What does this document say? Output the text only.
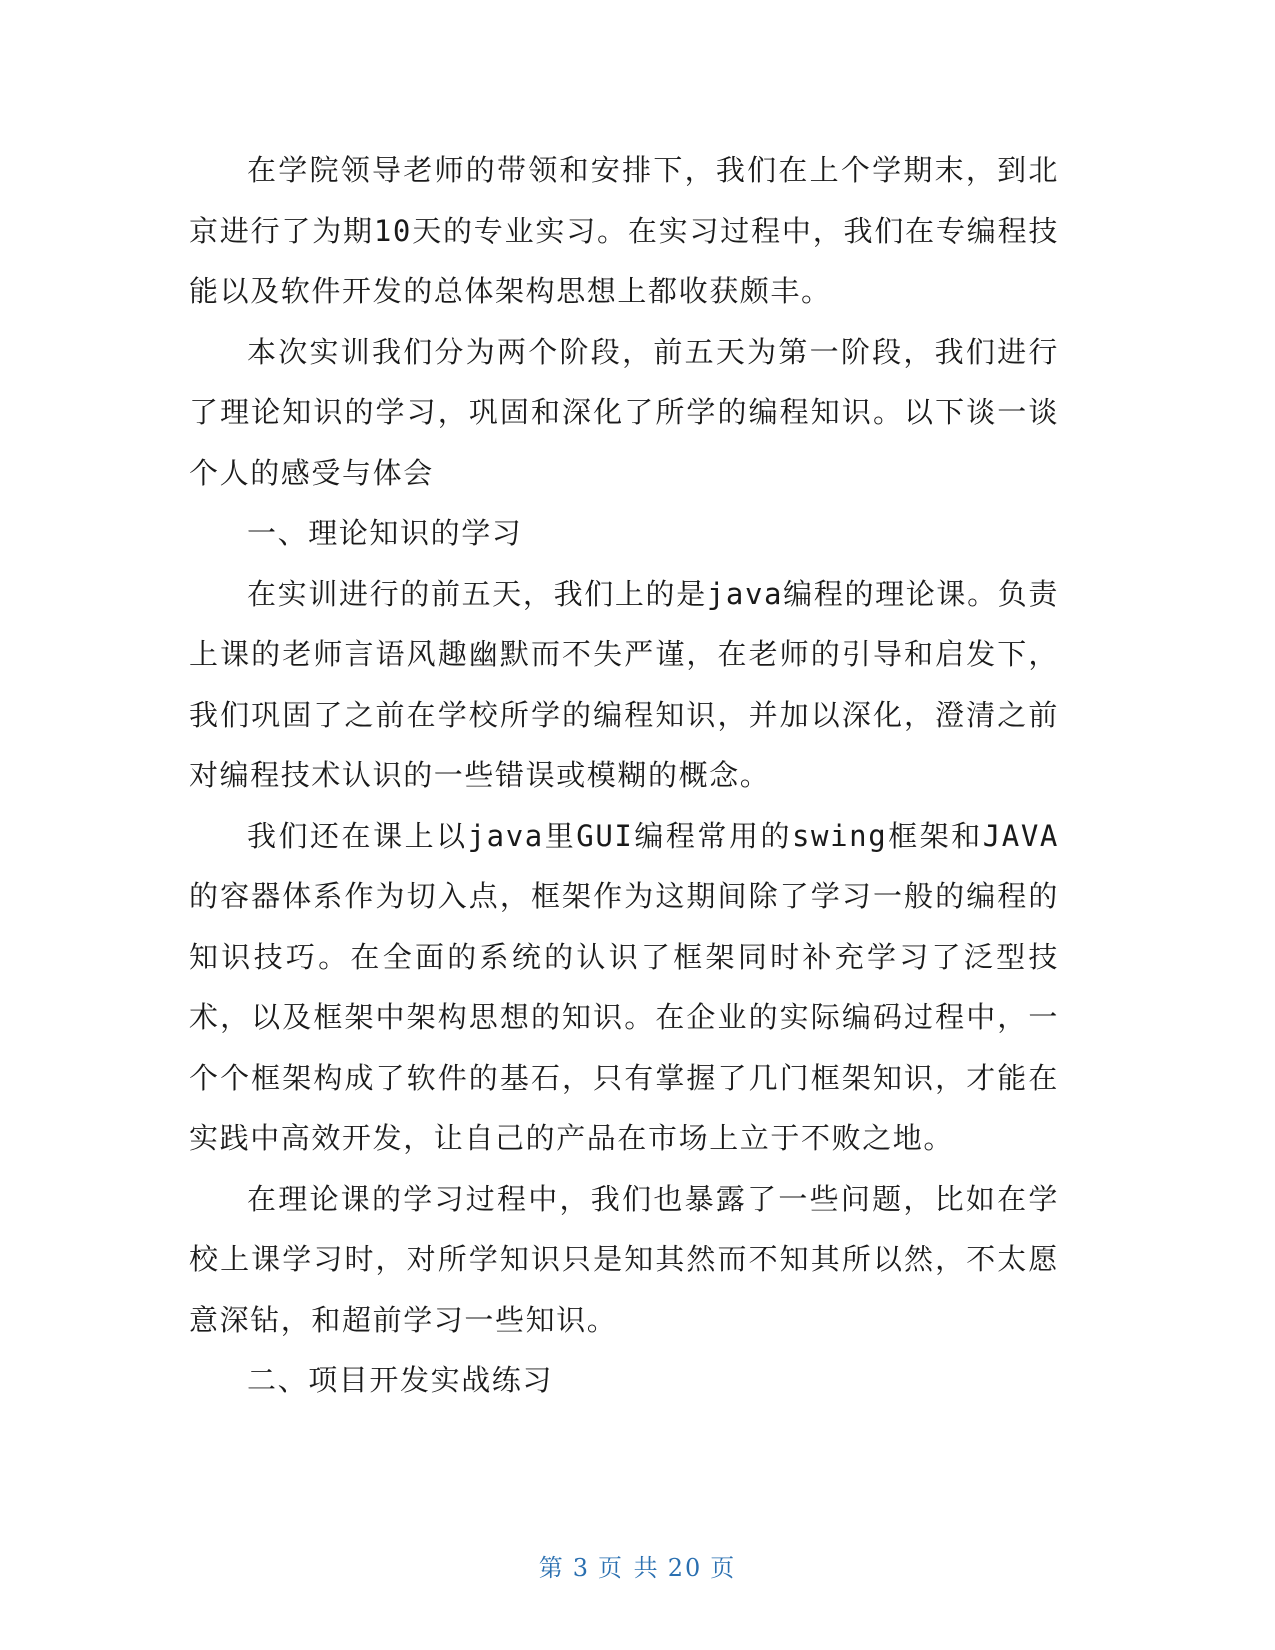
在学院领导老师的带领和安排下，我们在上个学期末，到北京进行了为期10天的专业实习。在实习过程中，我们在专编程技能以及软件开发的总体架构思想上都收获颇丰。

本次实训我们分为两个阶段，前五天为第一阶段，我们进行了理论知识的学习，巩固和深化了所学的编程知识。以下谈一谈个人的感受与体会

一、理论知识的学习

在实训进行的前五天，我们上的是java编程的理论课。负责上课的老师言语风趣幽默而不失严谨，在老师的引导和启发下，我们巩固了之前在学校所学的编程知识，并加以深化，澄清之前对编程技术认识的一些错误或模糊的概念。

我们还在课上以java里GUI编程常用的swing框架和JAVA的容器体系作为切入点，框架作为这期间除了学习一般的编程的知识技巧。在全面的系统的认识了框架同时补充学习了泛型技术，以及框架中架构思想的知识。在企业的实际编码过程中，一个个框架构成了软件的基石，只有掌握了几门框架知识，才能在实践中高效开发，让自己的产品在市场上立于不败之地。

在理论课的学习过程中，我们也暴露了一些问题，比如在学校上课学习时，对所学知识只是知其然而不知其所以然，不太愿意深钻，和超前学习一些知识。

二、项目开发实战练习

第 3 页 共 20 页
